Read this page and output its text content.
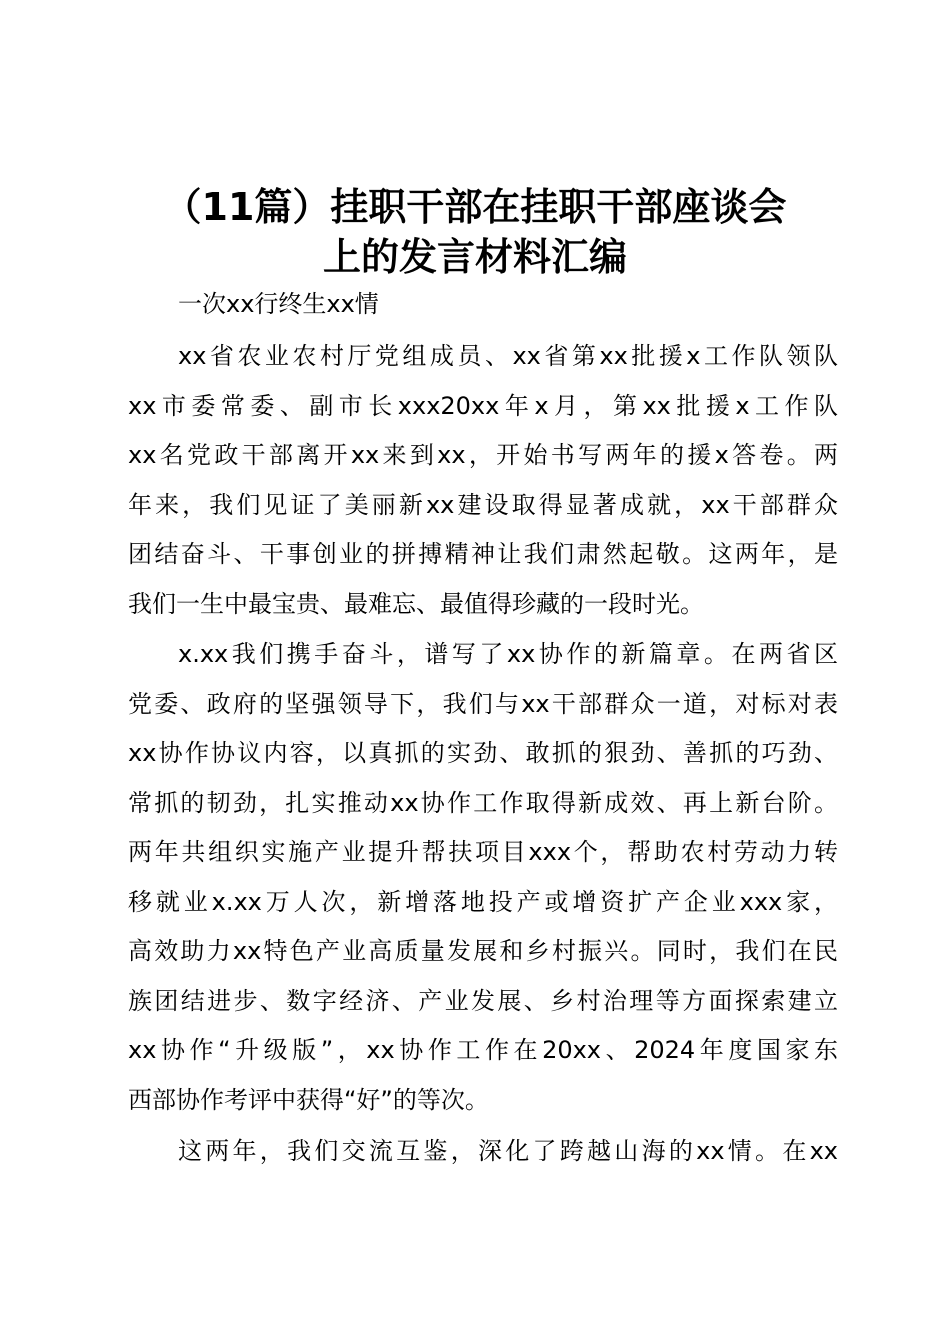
（11篇）挂职干部在挂职干部座谈会
上的发言材料汇编

一次xx行终生xx情

xx省农业农村厅党组成员、xx省第xx批援x工作队领队
xx市委常委、副市长xxx20xx年x月，第xx批援x工作队
xx名党政干部离开xx来到xx，开始书写两年的援x答卷。两
年来，我们见证了美丽新xx建设取得显著成就，xx干部群众
团结奋斗、干事创业的拼搏精神让我们肃然起敬。这两年，是
我们一生中最宝贵、最难忘、最值得珍藏的一段时光。
x.xx我们携手奋斗，谱写了xx协作的新篇章。在两省区
党委、政府的坚强领导下，我们与xx干部群众一道，对标对表
xx协作协议内容，以真抓的实劲、敢抓的狠劲、善抓的巧劲、
常抓的韧劲，扎实推动xx协作工作取得新成效、再上新台阶。
两年共组织实施产业提升帮扶项目xxx个，帮助农村劳动力转
移就业x.xx万人次，新增落地投产或增资扩产企业xxx家，
高效助力xx特色产业高质量发展和乡村振兴。同时，我们在民
族团结进步、数字经济、产业发展、乡村治理等方面探索建立
xx协作“升级版”，xx协作工作在20xx、2024年度国家东
西部协作考评中获得“好”的等次。
这两年，我们交流互鉴，深化了跨越山海的xx情。在xx
